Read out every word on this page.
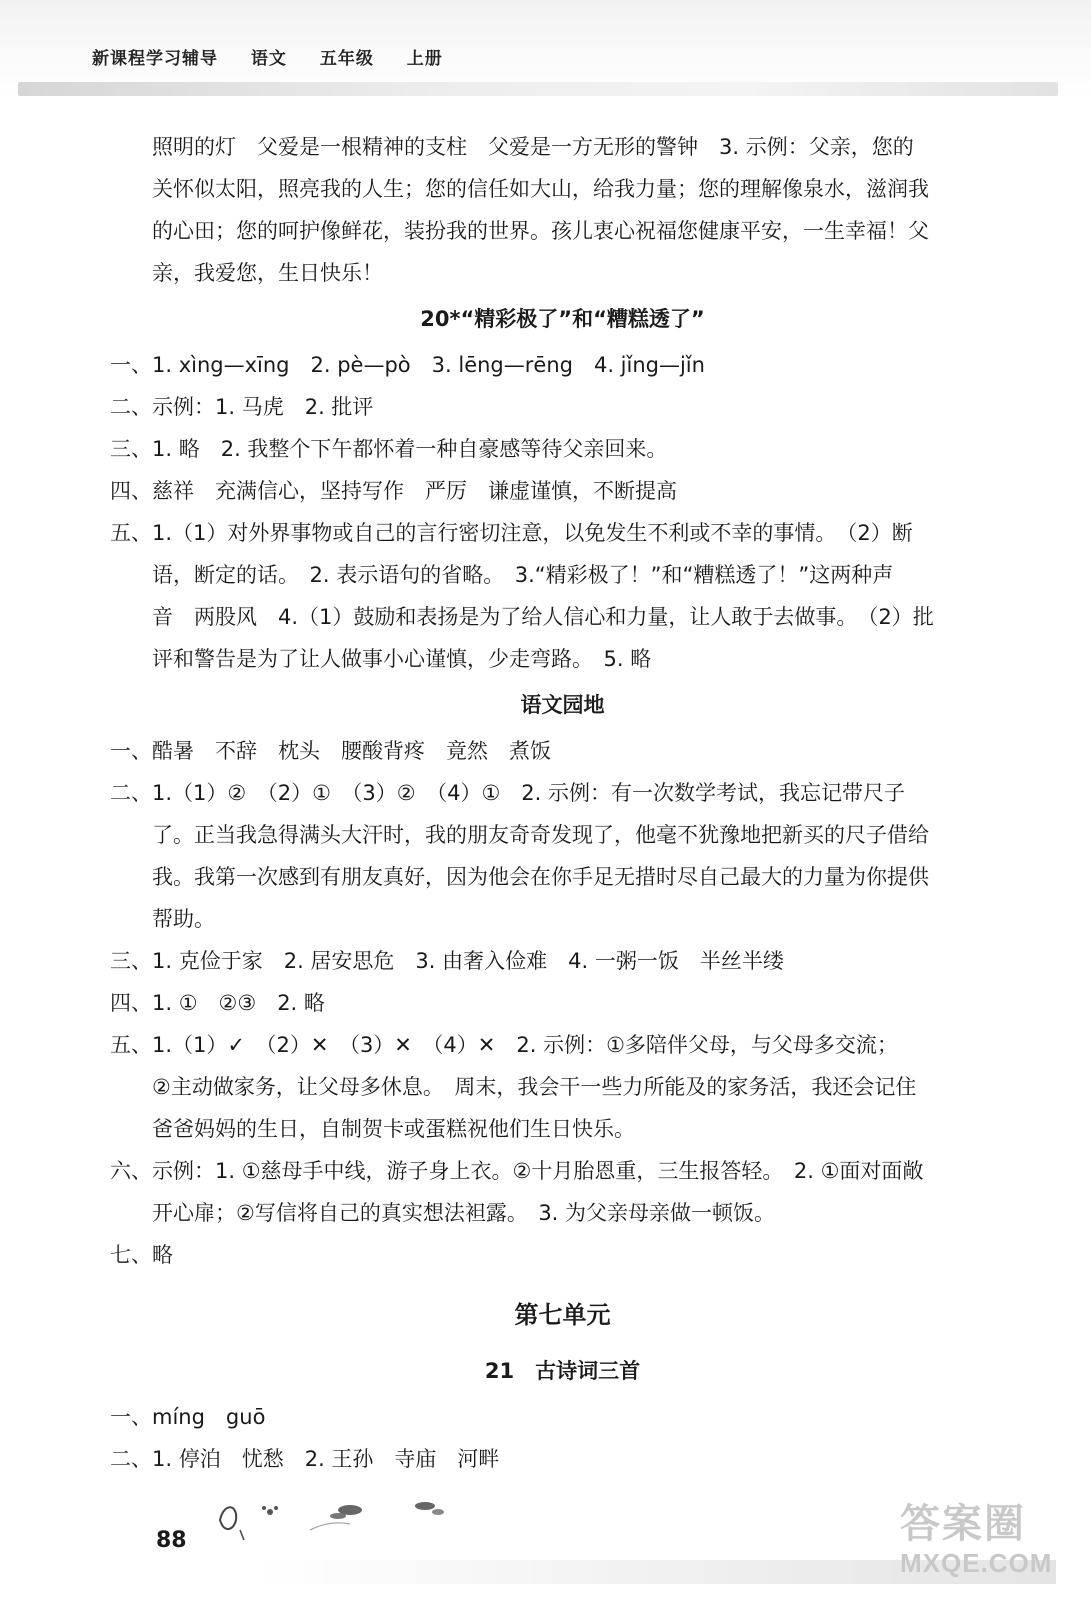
新课程学习辅导 语文 五年级 上册

照明的灯　父爱是一根精神的支柱　父爱是一方无形的警钟　3. 示例：父亲，您的

关怀似太阳，照亮我的人生；您的信任如大山，给我力量；您的理解像泉水，滋润我

的心田；您的呵护像鲜花，装扮我的世界。孩儿衷心祝福您健康平安，一生幸福！父

亲，我爱您，生日快乐！

20*“精彩极了”和“糟糕透了”

一、1. xìng—xīng　2. pè—pò　3. lēng—rēng　4. jǐng—jǐn

二、示例：1. 马虎　2. 批评

三、1. 略　2. 我整个下午都怀着一种自豪感等待父亲回来。

四、慈祥　充满信心，坚持写作　严厉　谦虚谨慎，不断提高

五、1.（1）对外界事物或自己的言行密切注意，以免发生不利或不幸的事情。　（2）断

语，断定的话。　2. 表示语句的省略。　3.“精彩极了！”和“糟糕透了！”这两种声

音　两股风　4.（1）鼓励和表扬是为了给人信心和力量，让人敢于去做事。　（2）批

评和警告是为了让人做事小心谨慎，少走弯路。　5. 略

语文园地

一、酷暑　不辞　枕头　腰酸背疼　竟然　煮饭

二、1.（1）②　（2）①　（3）②　（4）①　2. 示例：有一次数学考试，我忘记带尺子

了。正当我急得满头大汗时，我的朋友奇奇发现了，他毫不犹豫地把新买的尺子借给

我。我第一次感到有朋友真好，因为他会在你手足无措时尽自己最大的力量为你提供

帮助。

三、1. 克俭于家　2. 居安思危　3. 由奢入俭难　4. 一粥一饭　半丝半缕

四、1. ①　②③　2. 略

五、1.（1）✓　（2）✕　（3）✕　（4）✕　2. 示例：①多陪伴父母，与父母多交流；

②主动做家务，让父母多休息。　周末，我会干一些力所能及的家务活，我还会记住

爸爸妈妈的生日，自制贺卡或蛋糕祝他们生日快乐。

六、示例：1. ①慈母手中线，游子身上衣。②十月胎恩重，三生报答轻。　2. ①面对面敞

开心扉；②写信将自己的真实想法袒露。　3. 为父亲母亲做一顿饭。

七、略

第七单元

21　古诗词三首

一、míng　guō

二、1. 停泊　忧愁　2. 王孙　寺庙　河畔

88	答案圈
MXQE.COM
